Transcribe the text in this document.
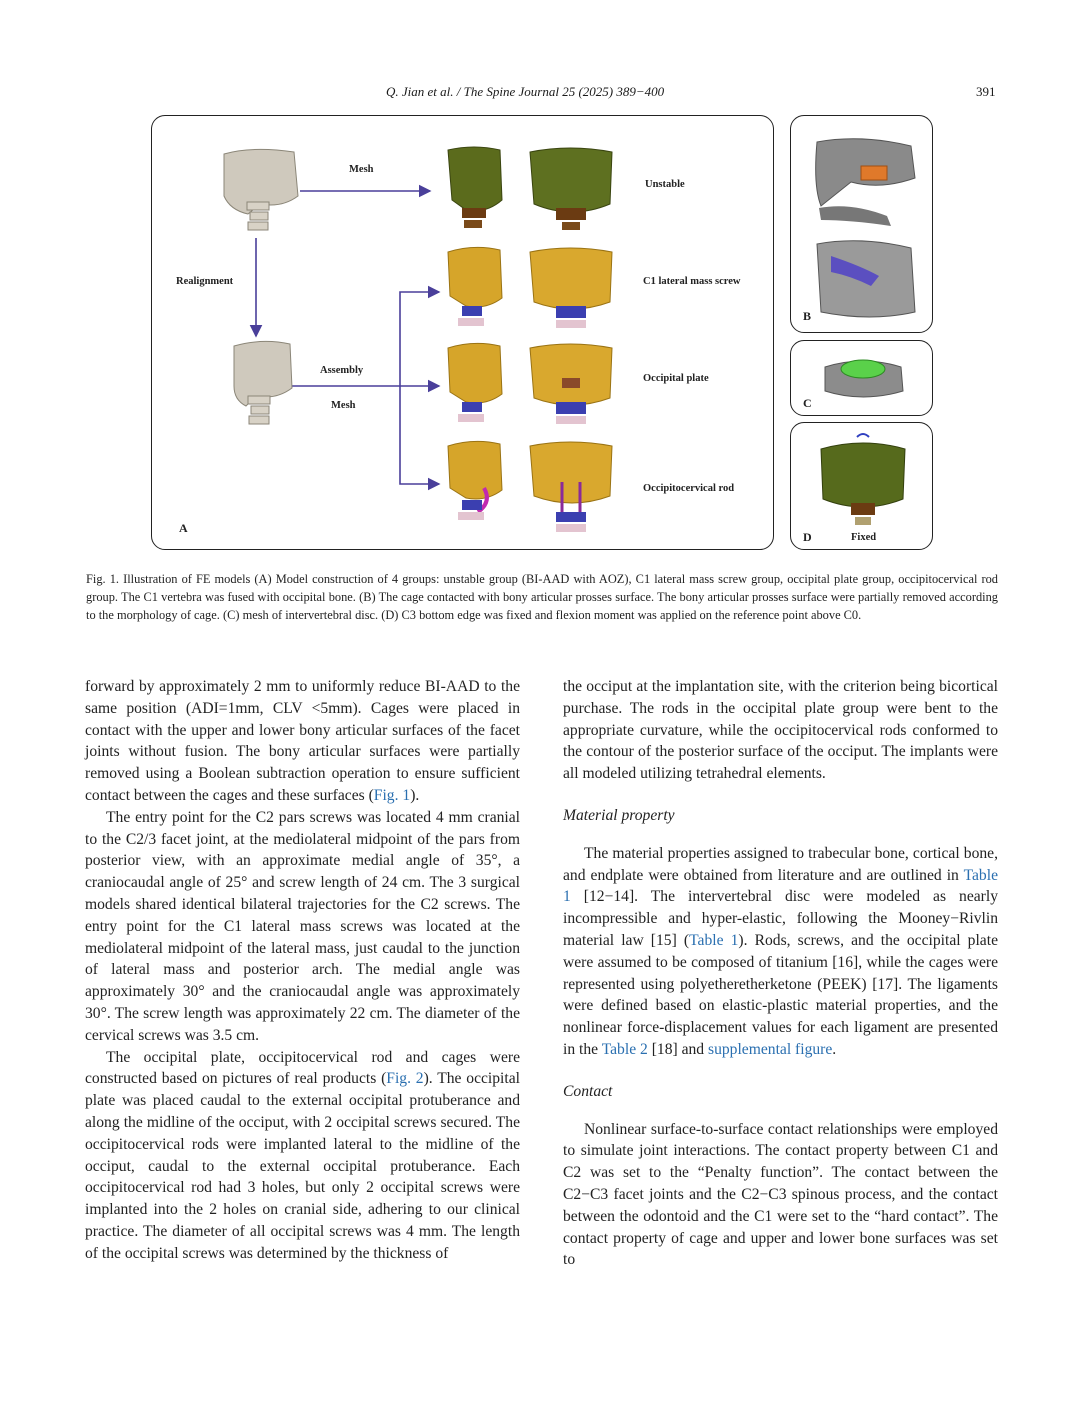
Q. Jian et al. / The Spine Journal 25 (2025) 389−400	391
Mesh
Realignment
Assembly
Mesh
Unstable
C1 lateral mass screw
Occipital plate
Occipitocervical rod
A
B
C
D	Fixed
Fig. 1. Illustration of FE models (A) Model construction of 4 groups: unstable group (BI-AAD with AOZ), C1 lateral mass screw group, occipital plate group, occipitocervical rod group. The C1 vertebra was fused with occipital bone. (B) The cage contacted with bony articular prosses surface. The bony articular prosses surface were partially removed according to the morphology of cage. (C) mesh of intervertebral disc. (D) C3 bottom edge was fixed and flexion moment was applied on the reference point above C0.

forward by approximately 2 mm to uniformly reduce BI-AAD to the same position (ADI=1mm, CLV <5mm). Cages were placed in contact with the upper and lower bony articular surfaces of the facet joints without fusion. The bony articular surfaces were partially removed using a Boolean subtraction operation to ensure sufficient contact between the cages and these surfaces (Fig. 1).

The entry point for the C2 pars screws was located 4 mm cranial to the C2/3 facet joint, at the mediolateral midpoint of the pars from posterior view, with an approximate medial angle of 35°, a craniocaudal angle of 25° and screw length of 24 cm. The 3 surgical models shared identical bilateral trajectories for the C2 screws. The entry point for the C1 lateral mass screws was located at the mediolateral midpoint of the lateral mass, just caudal to the junction of lateral mass and posterior arch. The medial angle was approximately 30° and the craniocaudal angle was approximately 30°. The screw length was approximately 22 cm. The diameter of the cervical screws was 3.5 cm.

The occipital plate, occipitocervical rod and cages were constructed based on pictures of real products (Fig. 2). The occipital plate was placed caudal to the external occipital protuberance and along the midline of the occiput, with 2 occipital screws secured. The occipitocervical rods were implanted lateral to the midline of the occiput, caudal to the external occipital protuberance. Each occipitocervical rod had 3 holes, but only 2 occipital screws were implanted into the 2 holes on cranial side, adhering to our clinical practice. The diameter of all occipital screws was 4 mm. The length of the occipital screws was determined by the thickness of

the occiput at the implantation site, with the criterion being bicortical purchase. The rods in the occipital plate group were bent to the appropriate curvature, while the occipitocervical rods conformed to the contour of the posterior surface of the occiput. The implants were all modeled utilizing tetrahedral elements.

Material property

The material properties assigned to trabecular bone, cortical bone, and endplate were obtained from literature and are outlined in Table 1 [12−14]. The intervertebral disc were modeled as nearly incompressible and hyper-elastic, following the Mooney−Rivlin material law [15] (Table 1). Rods, screws, and the occipital plate were assumed to be composed of titanium [16], while the cages were represented using polyetheretherketone (PEEK) [17]. The ligaments were defined based on elastic-plastic material properties, and the nonlinear force-displacement values for each ligament are presented in the Table 2 [18] and supplemental figure.

Contact

Nonlinear surface-to-surface contact relationships were employed to simulate joint interactions. The contact property between C1 and C2 was set to the “Penalty function”. The contact between the C2−C3 facet joints and the C2−C3 spinous process, and the contact between the odontoid and the C1 were set to the “hard contact”. The contact property of cage and upper and lower bone surfaces was set to
